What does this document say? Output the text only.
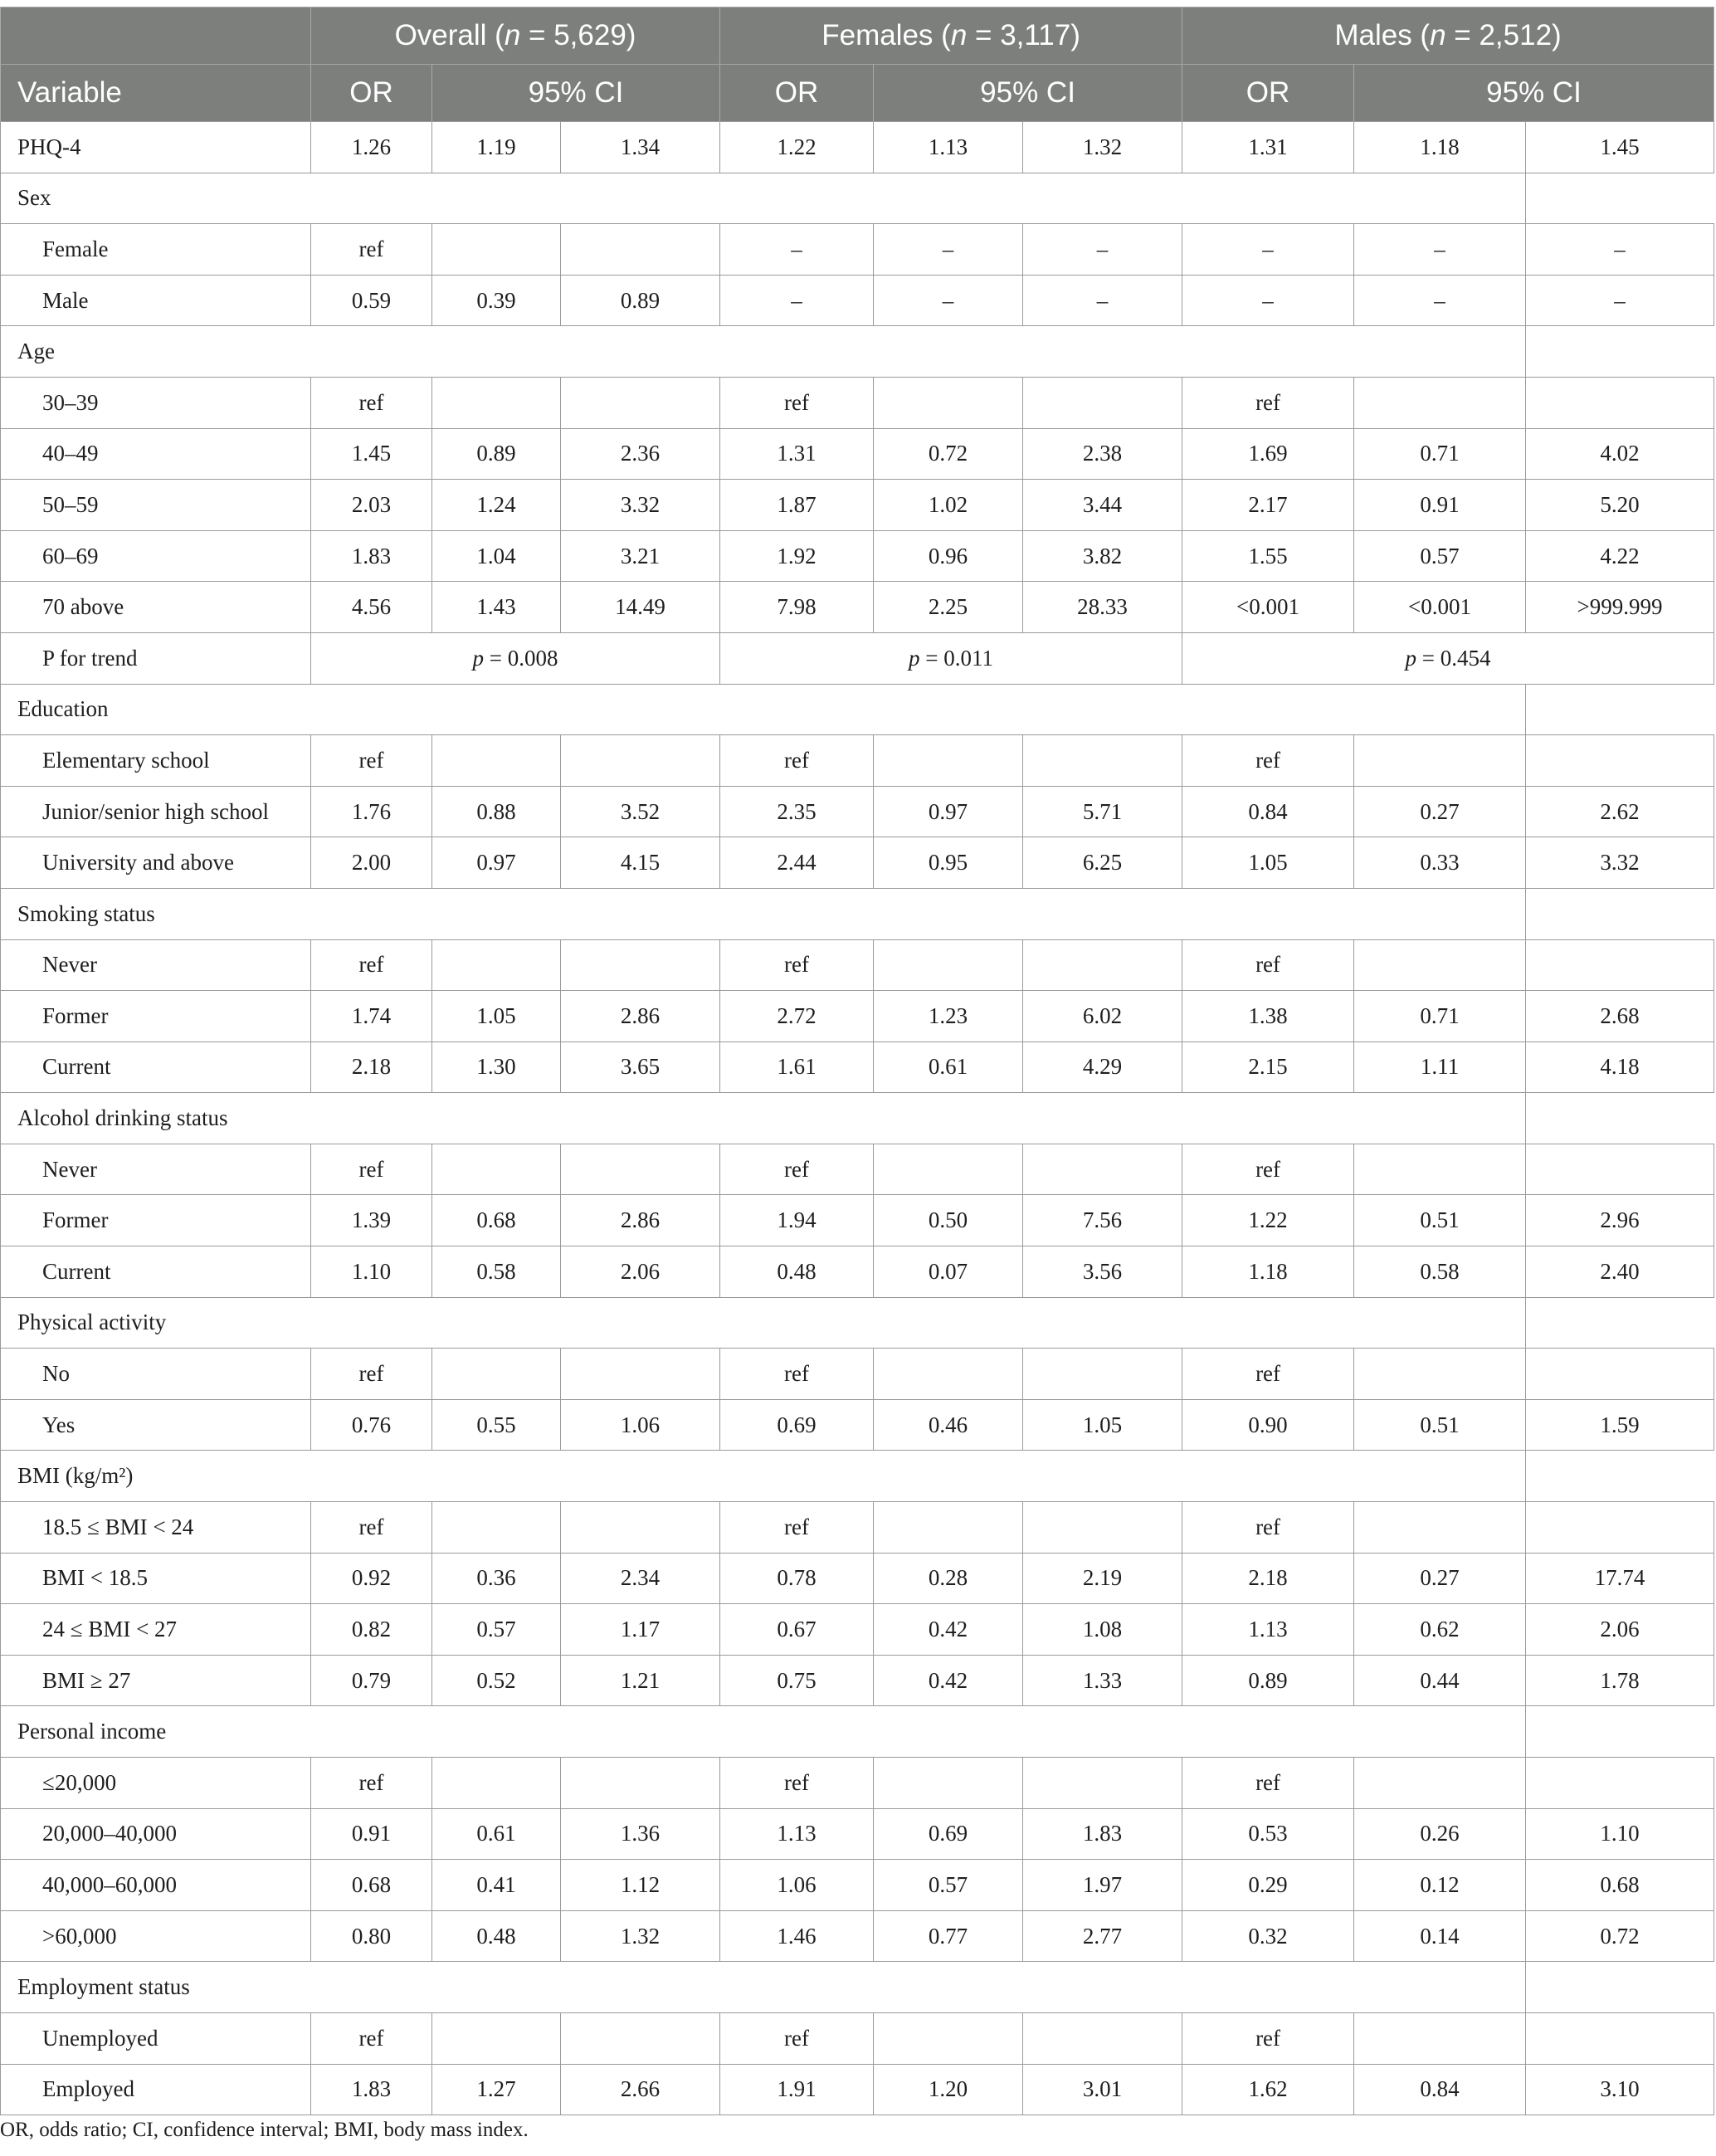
	Overall (n = 5,629)			Females (n = 3,117)			Males (n = 2,512)		
Variable	OR	95% CI		OR	95% CI		OR	95% CI	
PHQ-4	1.26	1.19	1.34	1.22	1.13	1.32	1.31	1.18	1.45
Sex									
Female	ref			–	–	–	–	–	–
Male	0.59	0.39	0.89	–	–	–	–	–	–
Age									
30–39	ref			ref			ref		
40–49	1.45	0.89	2.36	1.31	0.72	2.38	1.69	0.71	4.02
50–59	2.03	1.24	3.32	1.87	1.02	3.44	2.17	0.91	5.20
60–69	1.83	1.04	3.21	1.92	0.96	3.82	1.55	0.57	4.22
70 above	4.56	1.43	14.49	7.98	2.25	28.33	<0.001	<0.001	>999.999
P for trend	p = 0.008			p = 0.011			p = 0.454		
Education									
Elementary school	ref			ref			ref		
Junior/senior high school	1.76	0.88	3.52	2.35	0.97	5.71	0.84	0.27	2.62
University and above	2.00	0.97	4.15	2.44	0.95	6.25	1.05	0.33	3.32
Smoking status									
Never	ref			ref			ref		
Former	1.74	1.05	2.86	2.72	1.23	6.02	1.38	0.71	2.68
Current	2.18	1.30	3.65	1.61	0.61	4.29	2.15	1.11	4.18
Alcohol drinking status									
Never	ref			ref			ref		
Former	1.39	0.68	2.86	1.94	0.50	7.56	1.22	0.51	2.96
Current	1.10	0.58	2.06	0.48	0.07	3.56	1.18	0.58	2.40
Physical activity									
No	ref			ref			ref		
Yes	0.76	0.55	1.06	0.69	0.46	1.05	0.90	0.51	1.59
BMI (kg/m²)									
18.5 ≤ BMI < 24	ref			ref			ref		
BMI < 18.5	0.92	0.36	2.34	0.78	0.28	2.19	2.18	0.27	17.74
24 ≤ BMI < 27	0.82	0.57	1.17	0.67	0.42	1.08	1.13	0.62	2.06
BMI ≥ 27	0.79	0.52	1.21	0.75	0.42	1.33	0.89	0.44	1.78
Personal income									
≤20,000	ref			ref			ref		
20,000–40,000	0.91	0.61	1.36	1.13	0.69	1.83	0.53	0.26	1.10
40,000–60,000	0.68	0.41	1.12	1.06	0.57	1.97	0.29	0.12	0.68
>60,000	0.80	0.48	1.32	1.46	0.77	2.77	0.32	0.14	0.72
Employment status									
Unemployed	ref			ref			ref		
Employed	1.83	1.27	2.66	1.91	1.20	3.01	1.62	0.84	3.10
OR, odds ratio; CI, confidence interval; BMI, body mass index.
